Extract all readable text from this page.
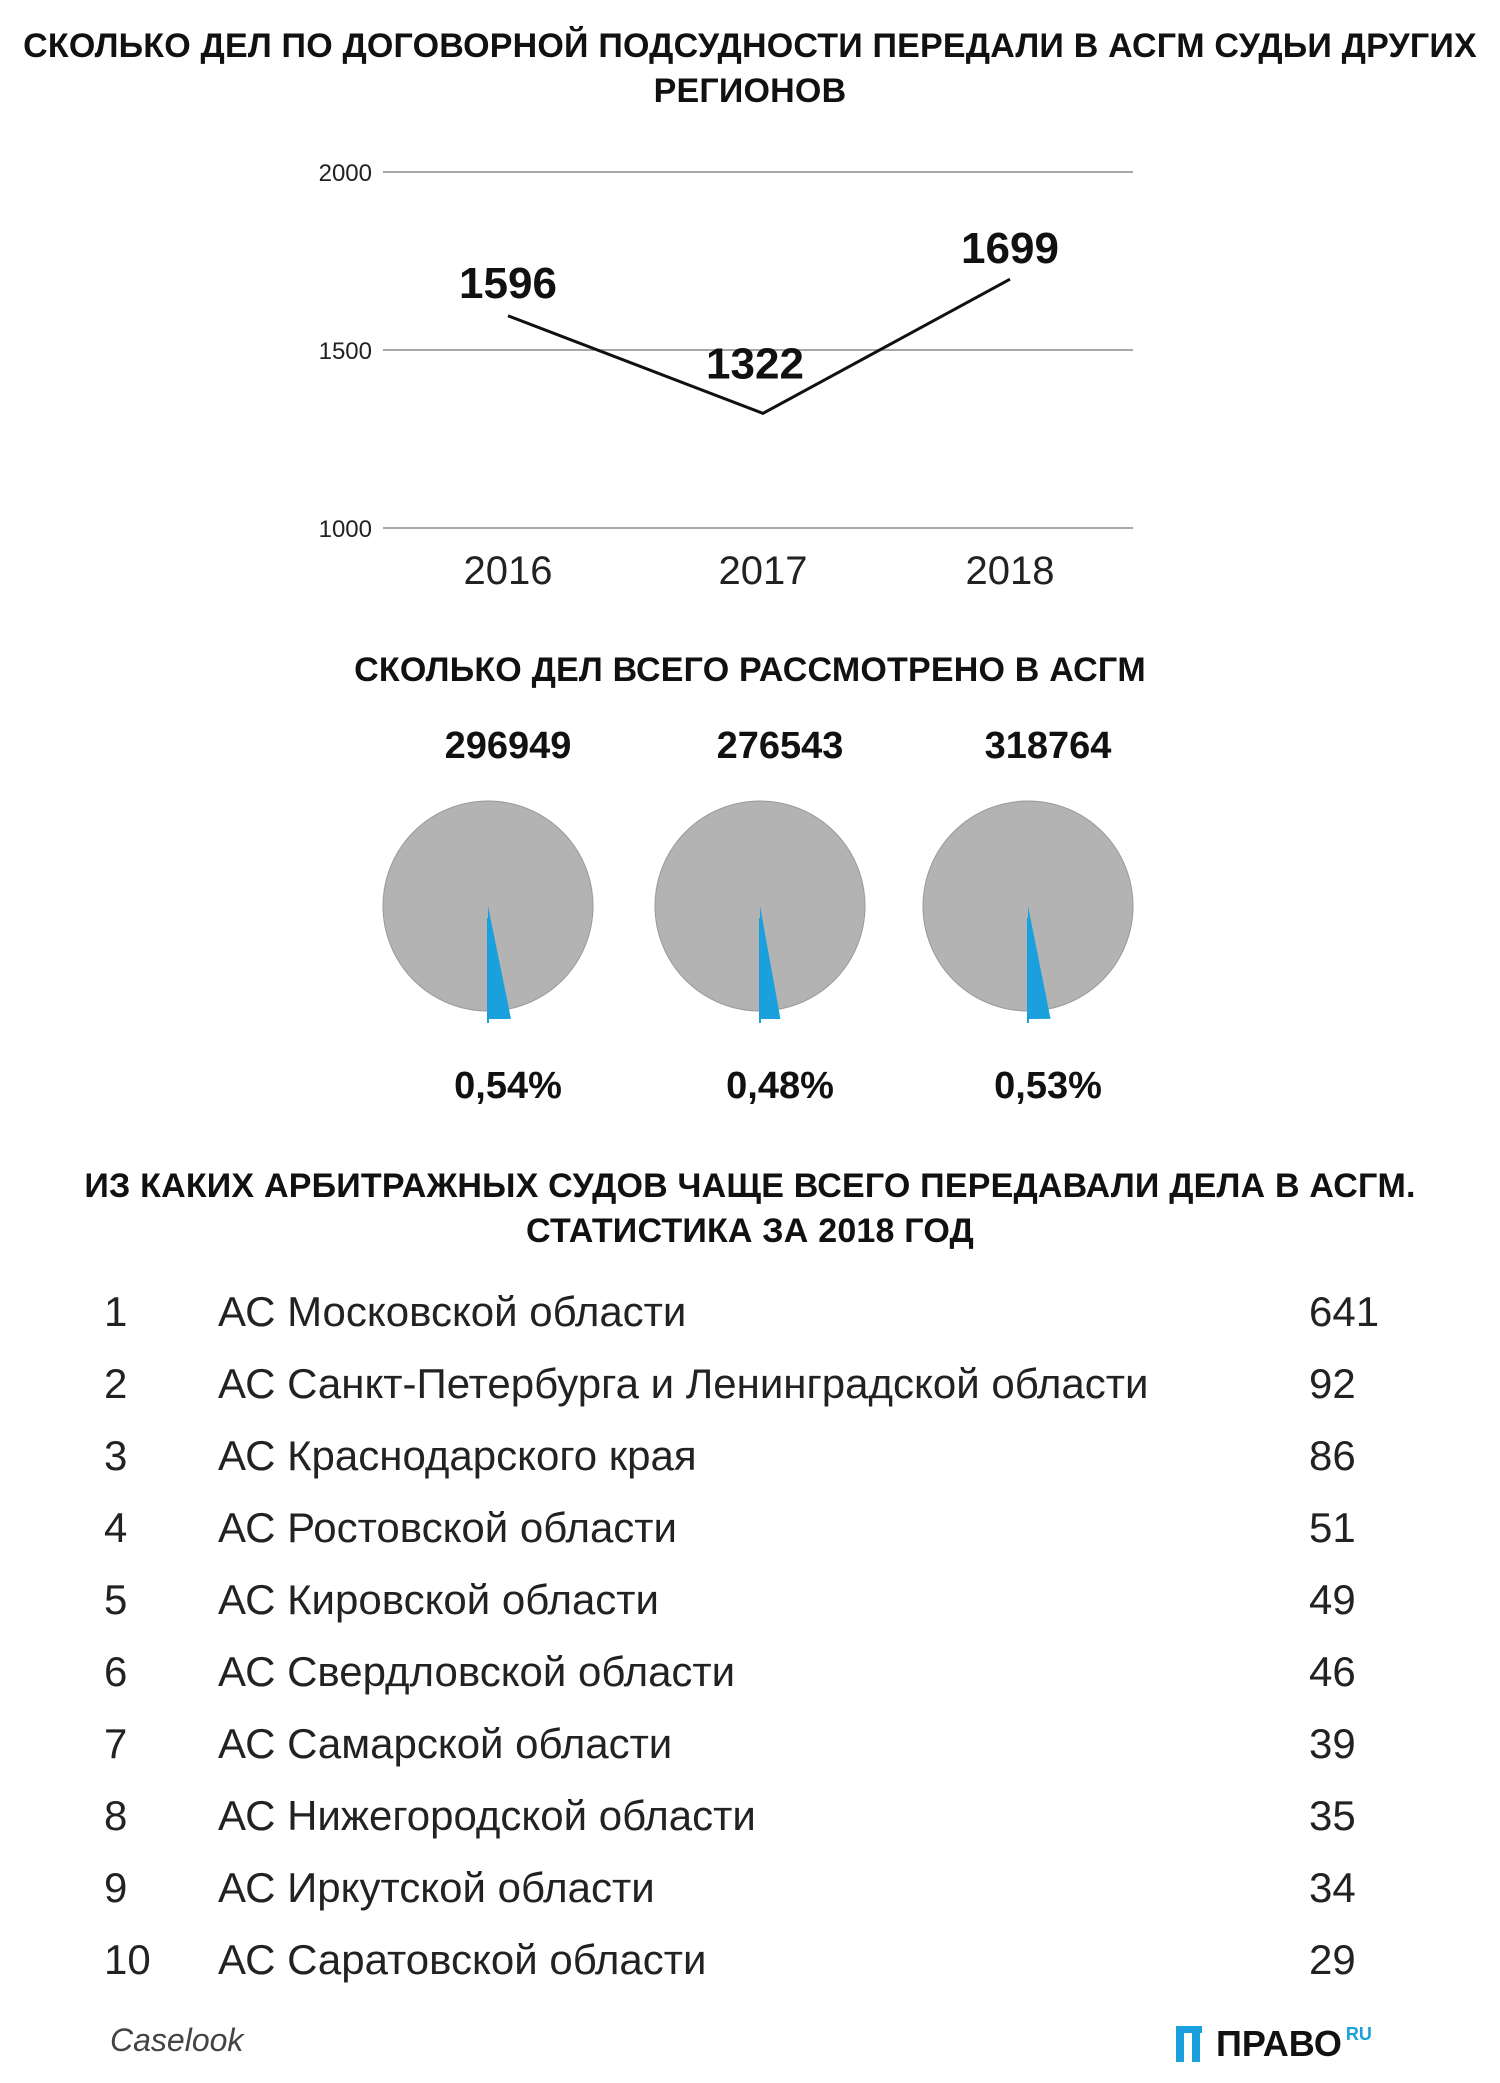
СКОЛЬКО ДЕЛ ПО ДОГОВОРНОЙ ПОДСУДНОСТИ ПЕРЕДАЛИ В АСГМ СУДЬИ ДРУГИХ РЕГИОНОВ
1000
1500
2000
1596
1322
1699
2016	2017	2018
СКОЛЬКО ДЕЛ ВСЕГО РАССМОТРЕНО В АСГМ
296949
0,54%
276543
0,48%
318764
0,53%
ИЗ КАКИХ АРБИТРАЖНЫХ СУДОВ ЧАЩЕ ВСЕГО ПЕРЕДАВАЛИ ДЕЛА В АСГМ. СТАТИСТИКА ЗА 2018 ГОД
1 АС Московской области	641
2 АС Санкт-Петербурга и Ленинградской области	92
3 АС Краснодарского края	86
4 АС Ростовской области	51
5 АС Кировской области	49
6 АС Свердловской области	46
7 АС Самарской области	39
8 АС Нижегородской области	35
9 АС Иркутской области	34
10 АС Саратовской области	29
Caselook	ПРАВО RU
